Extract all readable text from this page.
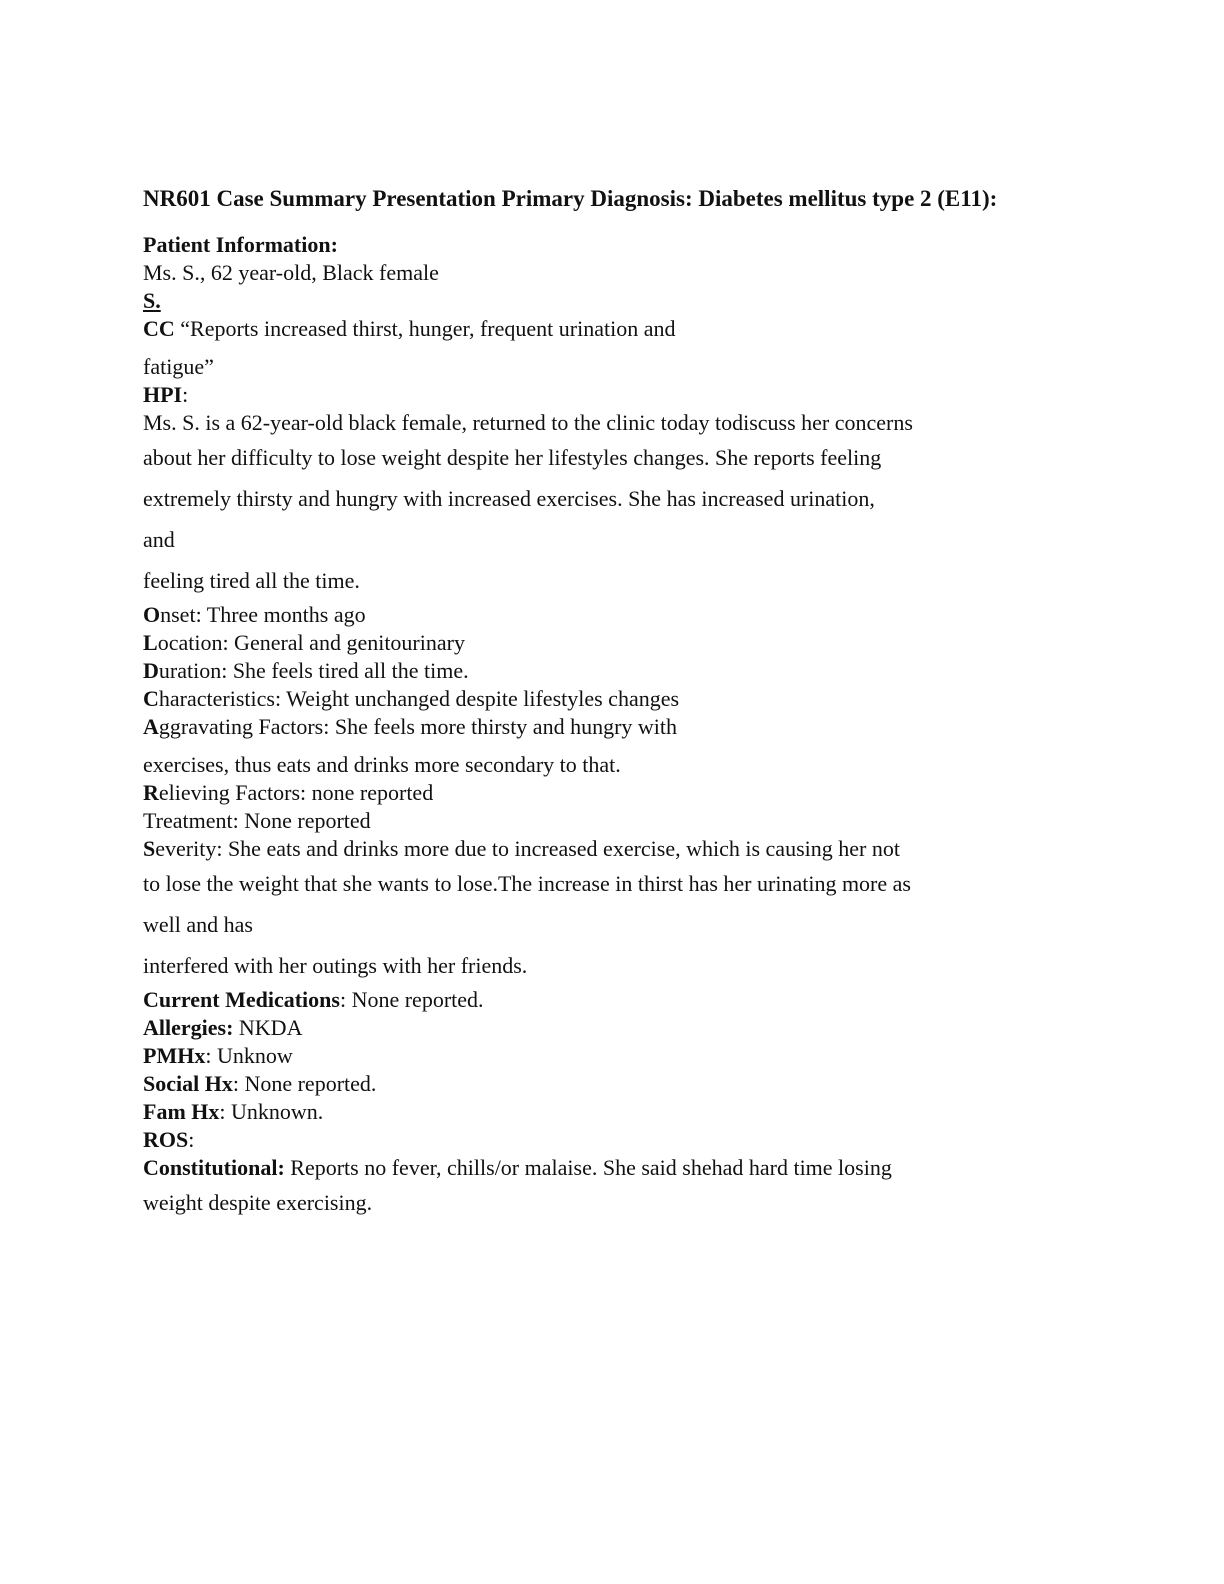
NR601 Case Summary Presentation Primary Diagnosis: Diabetes mellitus type 2 (E11):
Patient Information:
Ms. S., 62 year-old, Black female
S.
CC “Reports increased thirst, hunger, frequent urination and
fatigue”
HPI:
Ms. S. is a 62-year-old black female, returned to the clinic today todiscuss her concerns
about her difficulty to lose weight despite her lifestyles changes. She reports feeling
extremely thirsty and hungry with increased exercises. She has increased urination,
and
feeling tired all the time.
Onset: Three months ago
Location: General and genitourinary
Duration: She feels tired all the time.
Characteristics: Weight unchanged despite lifestyles changes
Aggravating Factors: She feels more thirsty and hungry with
exercises, thus eats and drinks more secondary to that.
Relieving Factors: none reported
Treatment: None reported
Severity: She eats and drinks more due to increased exercise, which is causing her not
to lose the weight that she wants to lose.The increase in thirst has her urinating more as
well and has
interfered with her outings with her friends.
Current Medications: None reported.
Allergies: NKDA
PMHx: Unknow
Social Hx: None reported.
Fam Hx: Unknown.
ROS:
Constitutional: Reports no fever, chills/or malaise. She said shehad hard time losing
weight despite exercising.
